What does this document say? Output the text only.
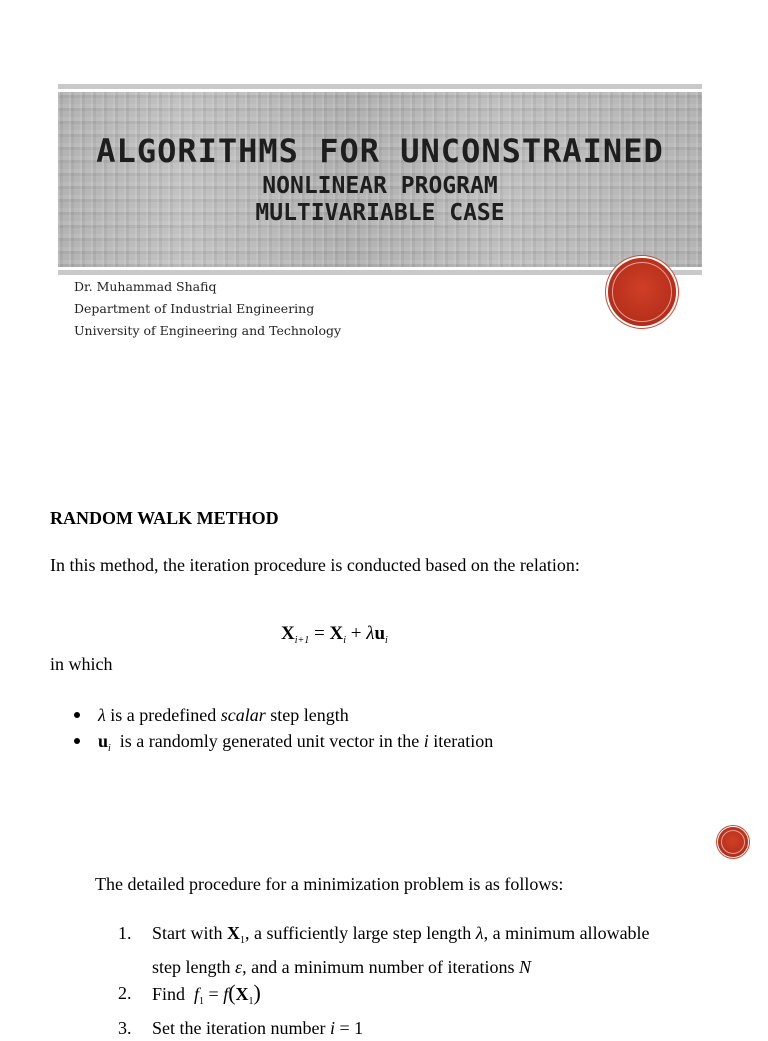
ALGORITHMS FOR UNCONSTRAINED
NONLINEAR PROGRAM
MULTIVARIABLE CASE
Dr. Muhammad Shafiq
Department of Industrial Engineering
University of Engineering and Technology
RANDOM WALK METHOD
In this method, the iteration procedure is conducted based on the relation:
$X_{i+1} = X_i + \lambda u_i$
in which
λ is a predefined scalar step length
$u_i$  is a randomly generated unit vector in the i iteration
The detailed procedure for a minimization problem is as follows:
1. Start with $X_1$, a sufficiently large step length λ, a minimum allowable step length ε, and a minimum number of iterations N
2. Find  $f_1 = f(X_1)$
3. Set the iteration number i = 1
